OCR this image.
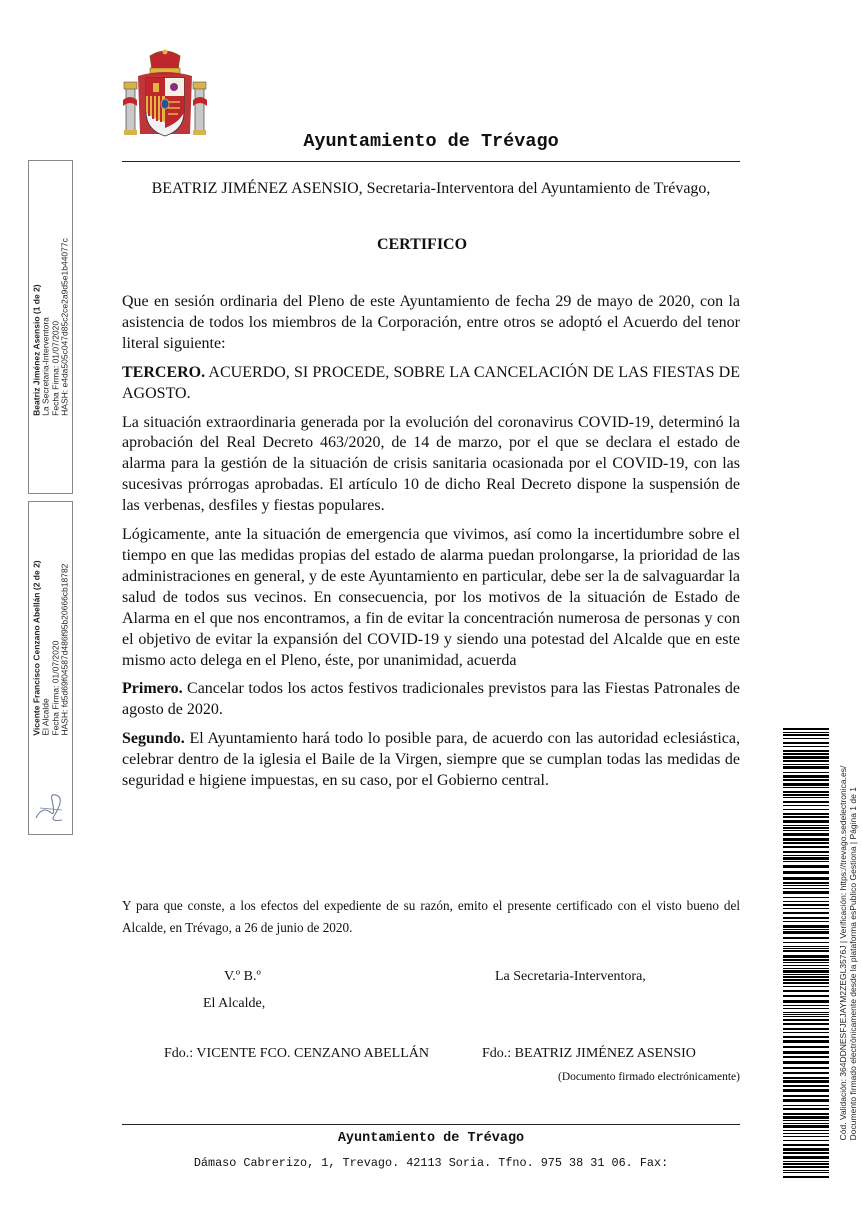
Ayuntamiento de Trévago
BEATRIZ JIMÉNEZ ASENSIO, Secretaria-Interventora del Ayuntamiento de Trévago,
CERTIFICO

Que en sesión ordinaria del Pleno de este Ayuntamiento de fecha 29 de mayo de 2020, con la asistencia de todos los miembros de la Corporación, entre otros se adoptó el Acuerdo del tenor literal siguiente:

TERCERO. ACUERDO, SI PROCEDE, SOBRE LA CANCELACIÓN DE LAS FIESTAS DE AGOSTO.

La situación extraordinaria generada por la evolución del coronavirus COVID-19, determinó la aprobación del Real Decreto 463/2020, de 14 de marzo, por el que se declara el estado de alarma para la gestión de la situación de crisis sanitaria ocasionada por el COVID-19, con las sucesivas prórrogas aprobadas. El artículo 10 de dicho Real Decreto dispone la suspensión de las verbenas, desfiles y fiestas populares.

Lógicamente, ante la situación de emergencia que vivimos, así como la incertidumbre sobre el tiempo en que las medidas propias del estado de alarma puedan prolongarse, la prioridad de las administraciones en general, y de este Ayuntamiento en particular, debe ser la de salvaguardar la salud de todos sus vecinos. En consecuencia, por los motivos de la situación de Estado de Alarma en el que nos encontramos, a fin de evitar la concentración numerosa de personas y con el objetivo de evitar la expansión del COVID-19 y siendo una potestad del Alcalde que en este mismo acto delega en el Pleno, éste, por unanimidad, acuerda

Primero. Cancelar todos los actos festivos tradicionales previstos para las Fiestas Patronales de agosto de 2020.

Segundo. El Ayuntamiento hará todo lo posible para, de acuerdo con las autoridad eclesiástica, celebrar dentro de la iglesia el Baile de la Virgen, siempre que se cumplan todas las medidas de seguridad e higiene impuestas, en su caso, por el Gobierno central.

Y para que conste, a los efectos del expediente de su razón, emito el presente certificado con el visto bueno del Alcalde, en Trévago, a 26 de junio de 2020.
V.º B.º
El Alcalde,
La Secretaria-Interventora,
Fdo.: VICENTE FCO. CENZANO ABELLÁN	Fdo.: BEATRIZ JIMÉNEZ ASENSIO
(Documento firmado electrónicamente)
Ayuntamiento de Trévago
Dámaso Cabrerizo, 1, Trevago. 42113 Soria. Tfno. 975 38 31 06. Fax:
Beatriz Jiménez Asensio (1 de 2) La Secretaria-Interventora Fecha Firma: 01/07/2020 HASH: e4da505c047d85c2ce2a9d5e1b44077c
Vicente Francisco Cenzano Abellán (2 de 2) El Alcalde Fecha Firma: 01/07/2020 HASH: fd5d69f04587d486f95b20666cb18782
Cód. Validación: 364DDNESFJEJAYM2ZEGL3576J | Verificación: https://trevago.sedelectronica.es/ Documento firmado electrónicamente desde la plataforma esPublico Gestiona | Página 1 de 1
